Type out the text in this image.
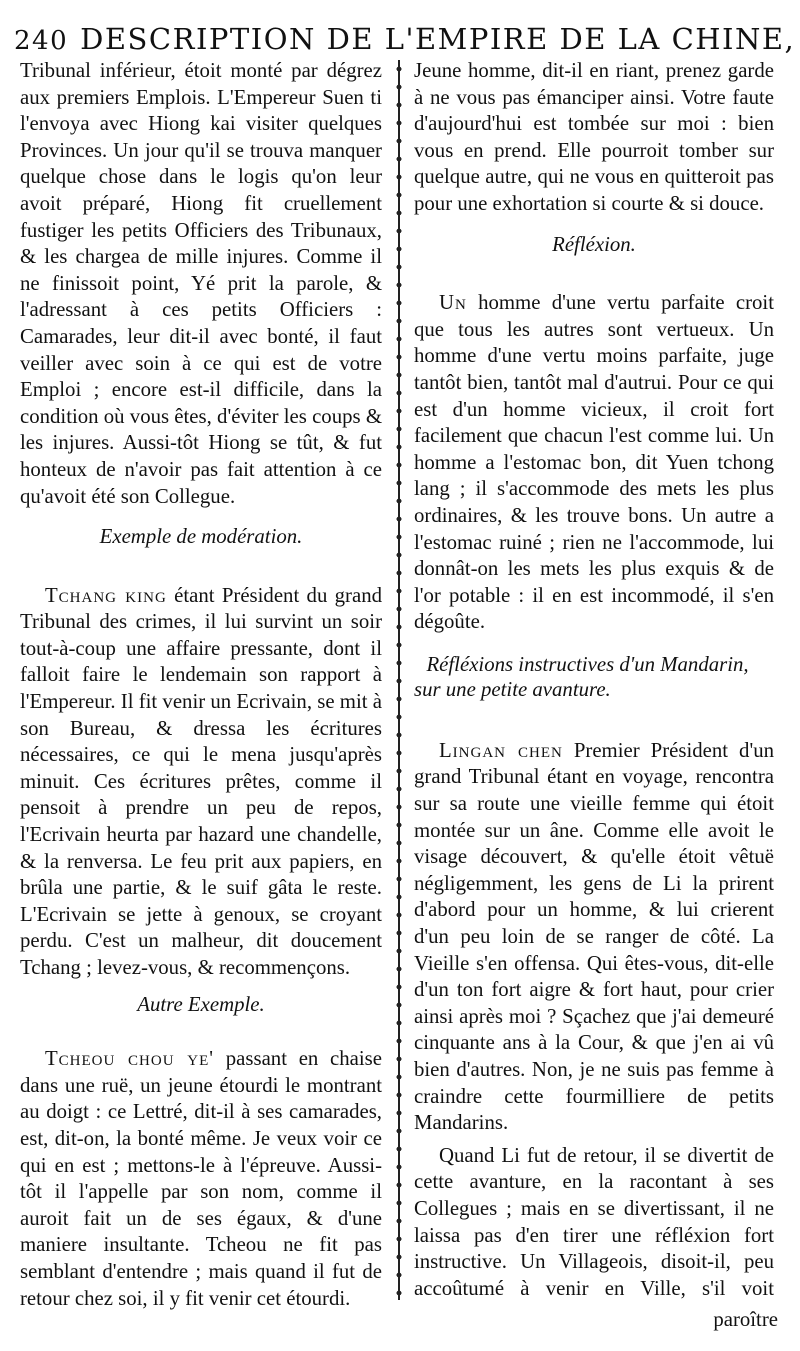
240 DESCRIPTION DE L'EMPIRE DE LA CHINE,

Tribunal inférieur, étoit monté par dégrez aux premiers Emplois. L'Empereur Suen ti l'envoya avec Hiong kai visiter quelques Provinces. Un jour qu'il se trouva manquer quelque chose dans le logis qu'on leur avoit préparé, Hiong fit cruellement fustiger les petits Officiers des Tribunaux, & les chargea de mille injures. Comme il ne finissoit point, Yé prit la parole, & l'adressant à ces petits Officiers : Camarades, leur dit-il avec bonté, il faut veiller avec soin à ce qui est de votre Emploi ; encore est-il difficile, dans la condition où vous êtes, d'éviter les coups & les injures. Aussi-tôt Hiong se tût, & fut honteux de n'avoir pas fait attention à ce qu'avoit été son Collegue.

Exemple de modération.

Tchang king étant Président du grand Tribunal des crimes, il lui survint un soir tout-à-coup une affaire pressante, dont il falloit faire le lendemain son rapport à l'Empereur. Il fit venir un Ecrivain, se mit à son Bureau, & dressa les écritures nécessaires, ce qui le mena jusqu'après minuit. Ces écritures prêtes, comme il pensoit à prendre un peu de repos, l'Ecrivain heurta par hazard une chandelle, & la renversa. Le feu prit aux papiers, en brûla une partie, & le suif gâta le reste. L'Ecrivain se jette à genoux, se croyant perdu. C'est un malheur, dit doucement Tchang ; levez-vous, & recommençons.

Autre Exemple.

Tcheou chou ye' passant en chaise dans une ruë, un jeune étourdi le montrant au doigt : ce Lettré, dit-il à ses camarades, est, dit-on, la bonté même. Je veux voir ce qui en est ; mettons-le à l'épreuve. Aussi-tôt il l'appelle par son nom, comme il auroit fait un de ses égaux, & d'une maniere insultante. Tcheou ne fit pas semblant d'entendre ; mais quand il fut de retour chez soi, il y fit venir cet étourdi.

Jeune homme, dit-il en riant, prenez garde à ne vous pas émanciper ainsi. Votre faute d'aujourd'hui est tombée sur moi : bien vous en prend. Elle pourroit tomber sur quelque autre, qui ne vous en quitteroit pas pour une exhortation si courte & si douce.

Réfléxion.

Un homme d'une vertu parfaite croit que tous les autres sont vertueux. Un homme d'une vertu moins parfaite, juge tantôt bien, tantôt mal d'autrui. Pour ce qui est d'un homme vicieux, il croit fort facilement que chacun l'est comme lui. Un homme a l'estomac bon, dit Yuen tchong lang ; il s'accommode des mets les plus ordinaires, & les trouve bons. Un autre a l'estomac ruiné ; rien ne l'accommode, lui donnât-on les mets les plus exquis & de l'or potable : il en est incommodé, il s'en dégoûte.

Réfléxions instructives d'un Mandarin, sur une petite avanture.

Lingan chen Premier Président d'un grand Tribunal étant en voyage, rencontra sur sa route une vieille femme qui étoit montée sur un âne. Comme elle avoit le visage découvert, & qu'elle étoit vêtuë négligemment, les gens de Li la prirent d'abord pour un homme, & lui crierent d'un peu loin de se ranger de côté. La Vieille s'en offensa. Qui êtes-vous, dit-elle d'un ton fort aigre & fort haut, pour crier ainsi après moi ? Sçachez que j'ai demeuré cinquante ans à la Cour, & que j'en ai vû bien d'autres. Non, je ne suis pas femme à craindre cette fourmilliere de petits Mandarins.

Quand Li fut de retour, il se divertit de cette avanture, en la racontant à ses Collegues ; mais en se divertissant, il ne laissa pas d'en tirer une réfléxion fort instructive. Un Villageois, disoit-il, peu accoûtumé à venir en Ville, s'il voit

paroître
